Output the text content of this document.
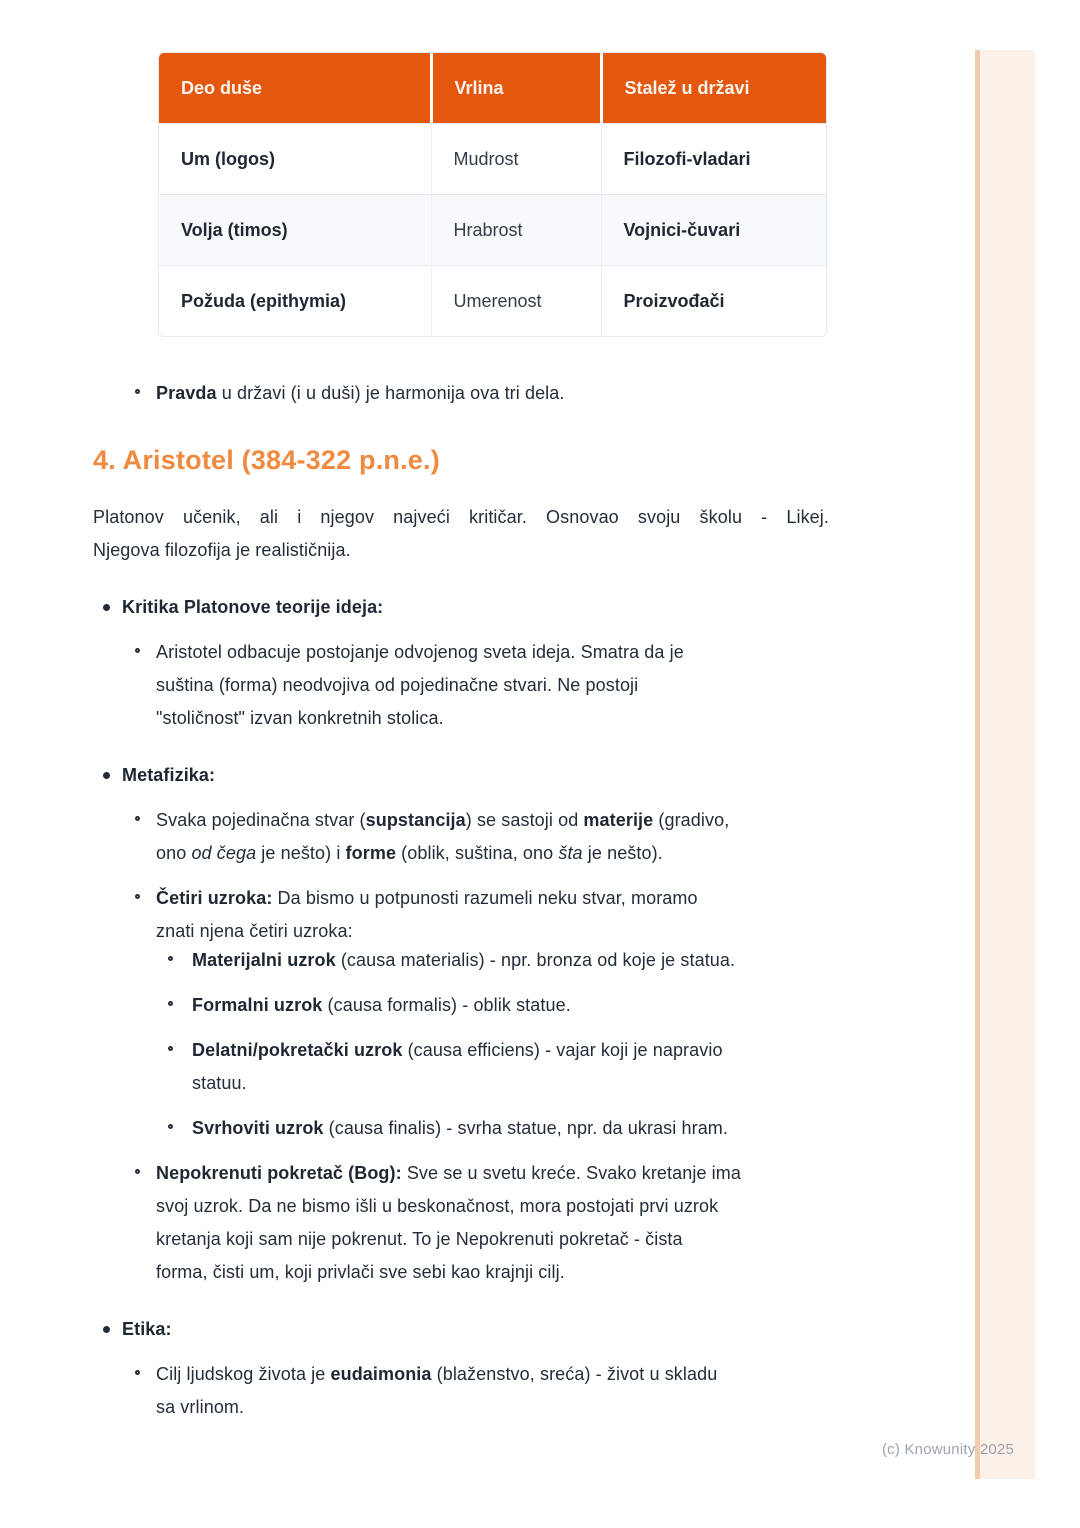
(c) Knowunity 2025
Deo duše	Vrlina	Stalež u državi
Um (logos)	Mudrost	Filozofi-vladari
Volja (timos)	Hrabrost	Vojnici-čuvari
Požuda (epithymia)	Umerenost	Proizvođači
Pravda u državi (i u duši) je harmonija ova tri dela.
4. Aristotel (384-322 p.n.e.)

Platonov učenik, ali i njegov najveći kritičar. Osnovao svoju školu - Likej.
Njegova filozofija je realističnija.

Kritika Platonove teorije ideja:
Aristotel odbacuje postojanje odvojenog sveta ideja. Smatra da je
suština (forma) neodvojiva od pojedinačne stvari. Ne postoji
"stoličnost" izvan konkretnih stolica.
Metafizika:
Svaka pojedinačna stvar (supstancija) se sastoji od materije (gradivo,
ono od čega je nešto) i forme (oblik, suština, ono šta je nešto).
Četiri uzroka: Da bismo u potpunosti razumeli neku stvar, moramo
znati njena četiri uzroka:
Materijalni uzrok (causa materialis) - npr. bronza od koje je statua.
Formalni uzrok (causa formalis) - oblik statue.
Delatni/pokretački uzrok (causa efficiens) - vajar koji je napravio
statuu.
Svrhoviti uzrok (causa finalis) - svrha statue, npr. da ukrasi hram.
Nepokrenuti pokretač (Bog): Sve se u svetu kreće. Svako kretanje ima
svoj uzrok. Da ne bismo išli u beskonačnost, mora postojati prvi uzrok
kretanja koji sam nije pokrenut. To je Nepokrenuti pokretač - čista
forma, čisti um, koji privlači sve sebi kao krajnji cilj.
Etika:
Cilj ljudskog života je eudaimonia (blaženstvo, sreća) - život u skladu
sa vrlinom.
